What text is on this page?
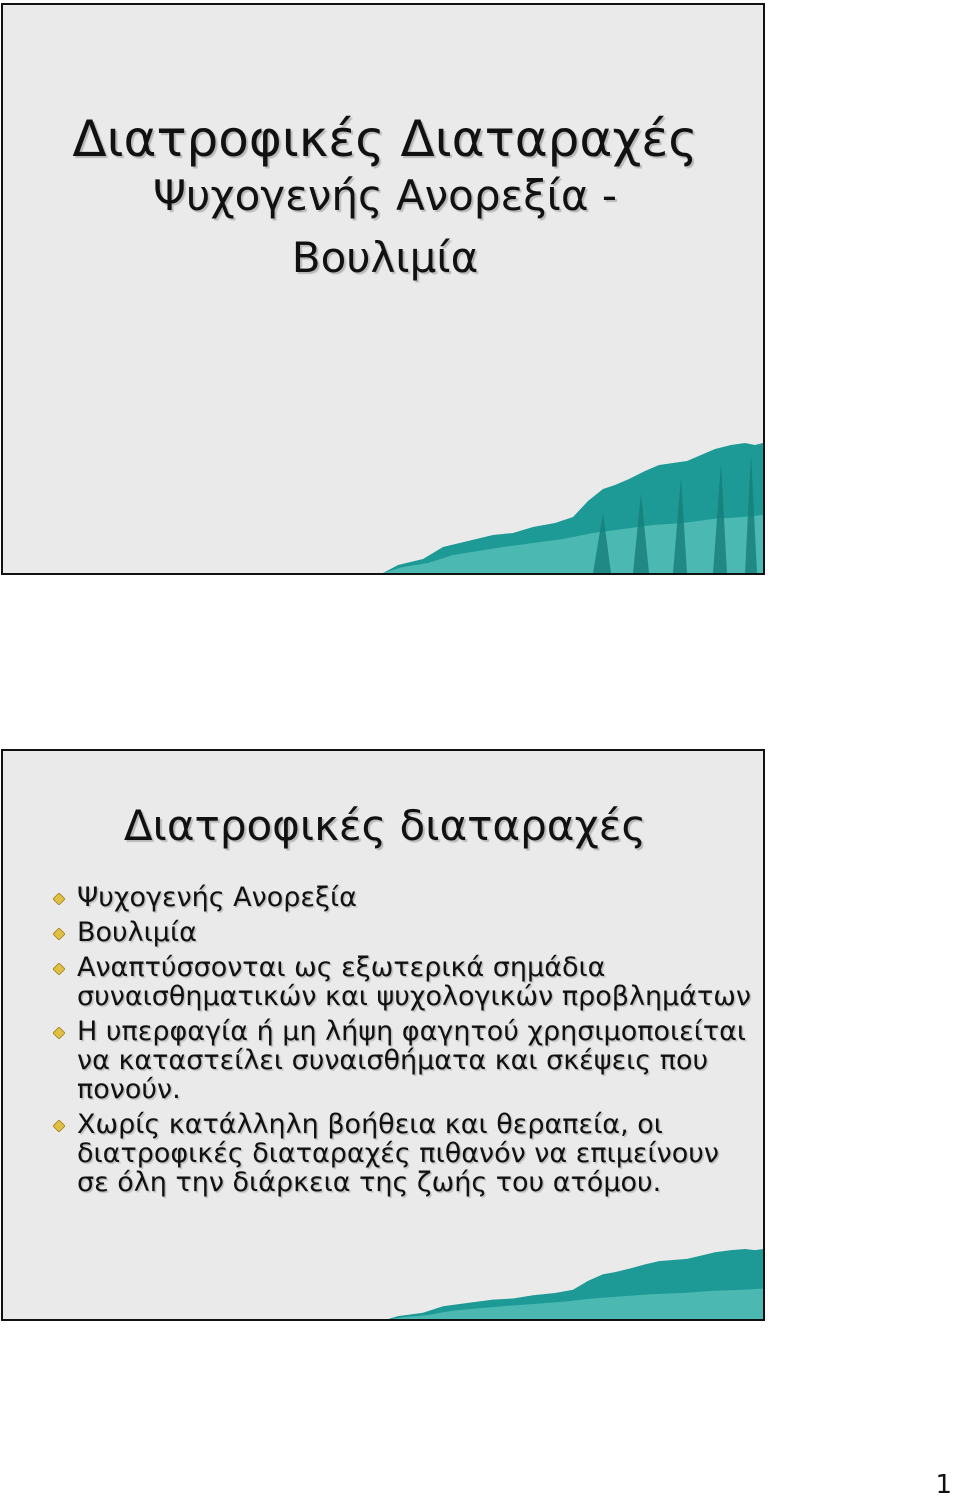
Διατροφικές Διαταραχές
Ψυχογενής Ανορεξία -
Βουλιμία
Διατροφικές διαταραχές
Ψυχογενής Ανορεξία
Βουλιμία
Αναπτύσσονται ως εξωτερικά σημάδια συναισθηματικών και ψυχολογικών προβλημάτων
Η υπερφαγία ή μη λήψη φαγητού χρησιμοποιείται να καταστείλει συναισθήματα και σκέψεις που πονούν.
Χωρίς κατάλληλη βοήθεια και θεραπεία, οι διατροφικές διαταραχές πιθανόν να επιμείνουν σε όλη την διάρκεια της ζωής του ατόμου.
1
